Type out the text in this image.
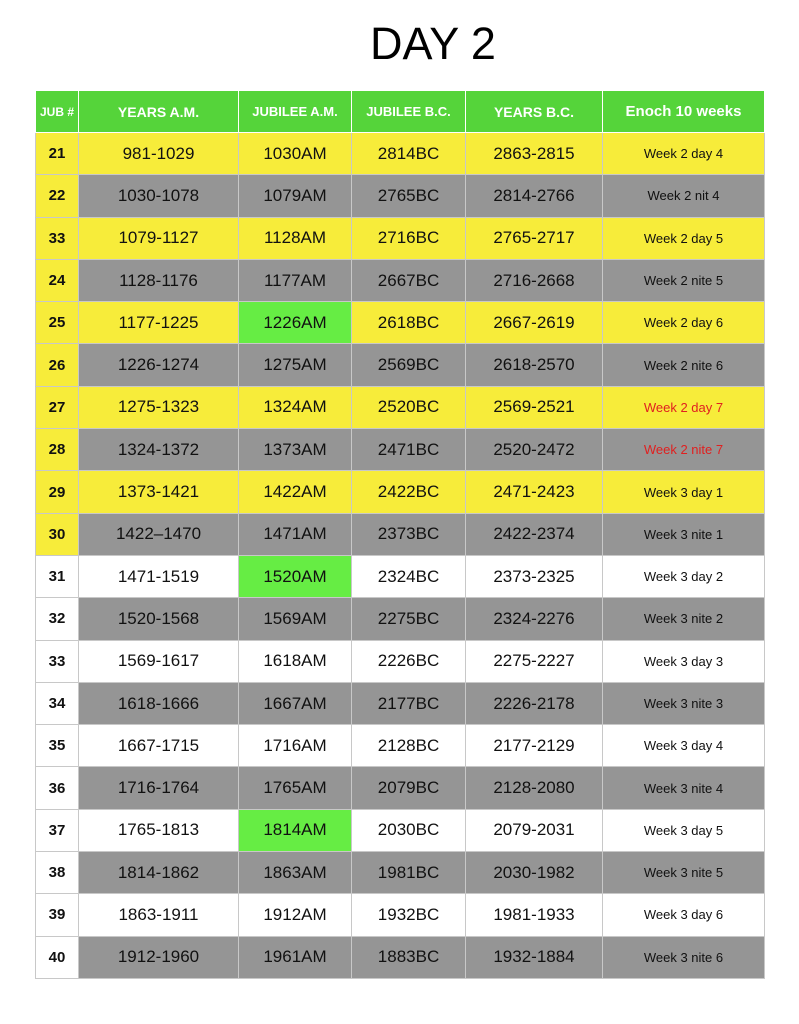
DAY 2
JUB #	YEARS A.M.	JUBILEE A.M.	JUBILEE B.C.	YEARS B.C.	Enoch 10 weeks
21	981-1029	1030AM	2814BC	2863-2815	Week 2 day 4
22	1030-1078	1079AM	2765BC	2814-2766	Week 2 nit 4
33	1079-1127	1128AM	2716BC	2765-2717	Week 2 day 5
24	1128-1176	1177AM	2667BC	2716-2668	Week 2 nite 5
25	1177-1225	1226AM	2618BC	2667-2619	Week 2 day 6
26	1226-1274	1275AM	2569BC	2618-2570	Week 2 nite 6
27	1275-1323	1324AM	2520BC	2569-2521	Week 2 day 7
28	1324-1372	1373AM	2471BC	2520-2472	Week 2 nite 7
29	1373-1421	1422AM	2422BC	2471-2423	Week 3 day 1
30	1422–1470	1471AM	2373BC	2422-2374	Week 3 nite 1
31	1471-1519	1520AM	2324BC	2373-2325	Week 3 day 2
32	1520-1568	1569AM	2275BC	2324-2276	Week 3 nite 2
33	1569-1617	1618AM	2226BC	2275-2227	Week 3 day 3
34	1618-1666	1667AM	2177BC	2226-2178	Week 3 nite 3
35	1667-1715	1716AM	2128BC	2177-2129	Week 3 day 4
36	1716-1764	1765AM	2079BC	2128-2080	Week 3 nite 4
37	1765-1813	1814AM	2030BC	2079-2031	Week 3 day 5
38	1814-1862	1863AM	1981BC	2030-1982	Week 3 nite 5
39	1863-1911	1912AM	1932BC	1981-1933	Week 3 day 6
40	1912-1960	1961AM	1883BC	1932-1884	Week 3 nite 6
